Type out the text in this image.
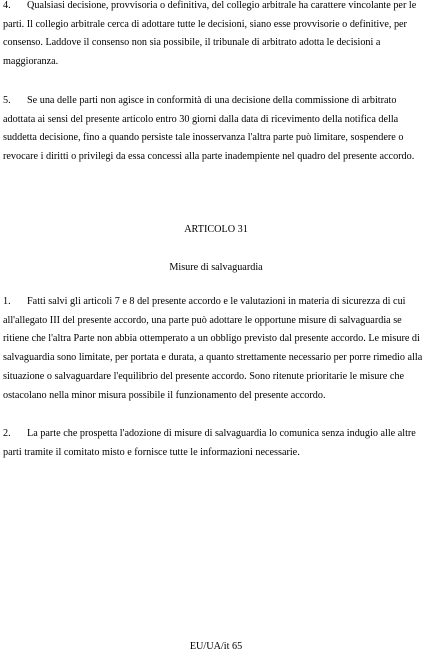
4. Qualsiasi decisione, provvisoria o definitiva, del collegio arbitrale ha carattere vincolante per le parti. Il collegio arbitrale cerca di adottare tutte le decisioni, siano esse provvisorie o definitive, per consenso. Laddove il consenso non sia possibile, il tribunale di arbitrato adotta le decisioni a maggioranza.

5. Se una delle parti non agisce in conformità di una decisione della commissione di arbitrato adottata ai sensi del presente articolo entro 30 giorni dalla data di ricevimento della notifica della suddetta decisione, fino a quando persiste tale inosservanza l'altra parte può limitare, sospendere o revocare i diritti o privilegi da essa concessi alla parte inadempiente nel quadro del presente accordo.

ARTICOLO 31

Misure di salvaguardia

1. Fatti salvi gli articoli 7 e 8 del presente accordo e le valutazioni in materia di sicurezza di cui all'allegato III del presente accordo, una parte può adottare le opportune misure di salvaguardia se ritiene che l'altra Parte non abbia ottemperato a un obbligo previsto dal presente accordo. Le misure di salvaguardia sono limitate, per portata e durata, a quanto strettamente necessario per porre rimedio alla situazione o salvaguardare l'equilibrio del presente accordo. Sono ritenute prioritarie le misure che ostacolano nella minor misura possibile il funzionamento del presente accordo.

2. La parte che prospetta l'adozione di misure di salvaguardia lo comunica senza indugio alle altre parti tramite il comitato misto e fornisce tutte le informazioni necessarie.

EU/UA/it 65
